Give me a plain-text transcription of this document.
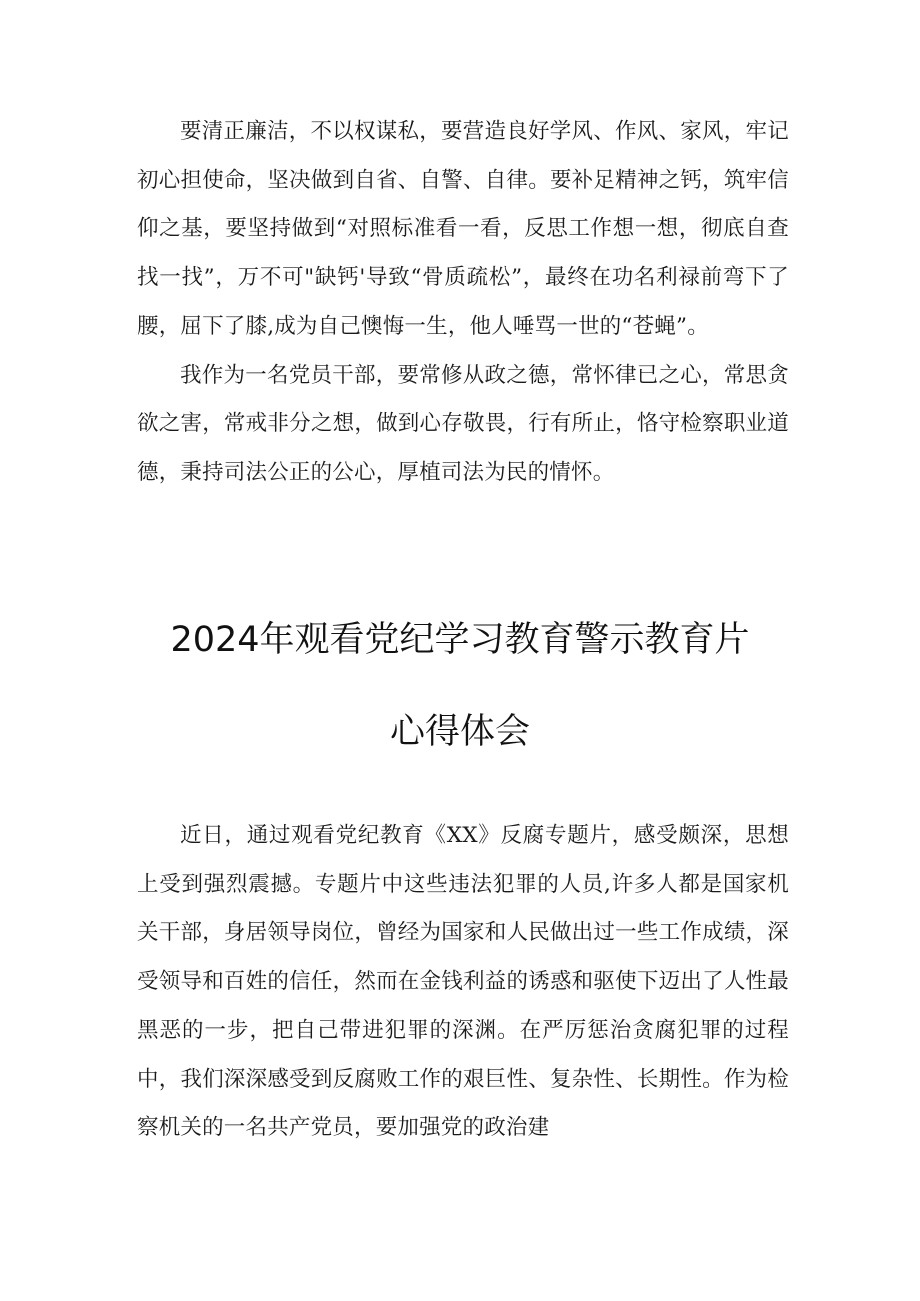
要清正廉洁，不以权谋私，要营造良好学风、作风、家风，牢记初心担使命，坚决做到自省、自警、自律。要补足精神之钙，筑牢信仰之基，要坚持做到“对照标准看一看，反思工作想一想，彻底自查找一找”，万不可"缺钙'导致“骨质疏松”，最终在功名利禄前弯下了腰，屈下了膝,成为自己懊悔一生，他人唾骂一世的“苍蝇”。

我作为一名党员干部，要常修从政之德，常怀律已之心，常思贪欲之害，常戒非分之想，做到心存敬畏，行有所止，恪守检察职业道德，秉持司法公正的公心，厚植司法为民的情怀。

2024年观看党纪学习教育警示教育片
心得体会

近日，通过观看党纪教育《XX》反腐专题片，感受颇深，思想上受到强烈震撼。专题片中这些违法犯罪的人员,许多人都是国家机关干部，身居领导岗位，曾经为国家和人民做出过一些工作成绩，深受领导和百姓的信任，然而在金钱利益的诱惑和驱使下迈出了人性最黑恶的一步，把自己带进犯罪的深渊。在严厉惩治贪腐犯罪的过程中，我们深深感受到反腐败工作的艰巨性、复杂性、长期性。作为检察机关的一名共产党员，要加强党的政治建
